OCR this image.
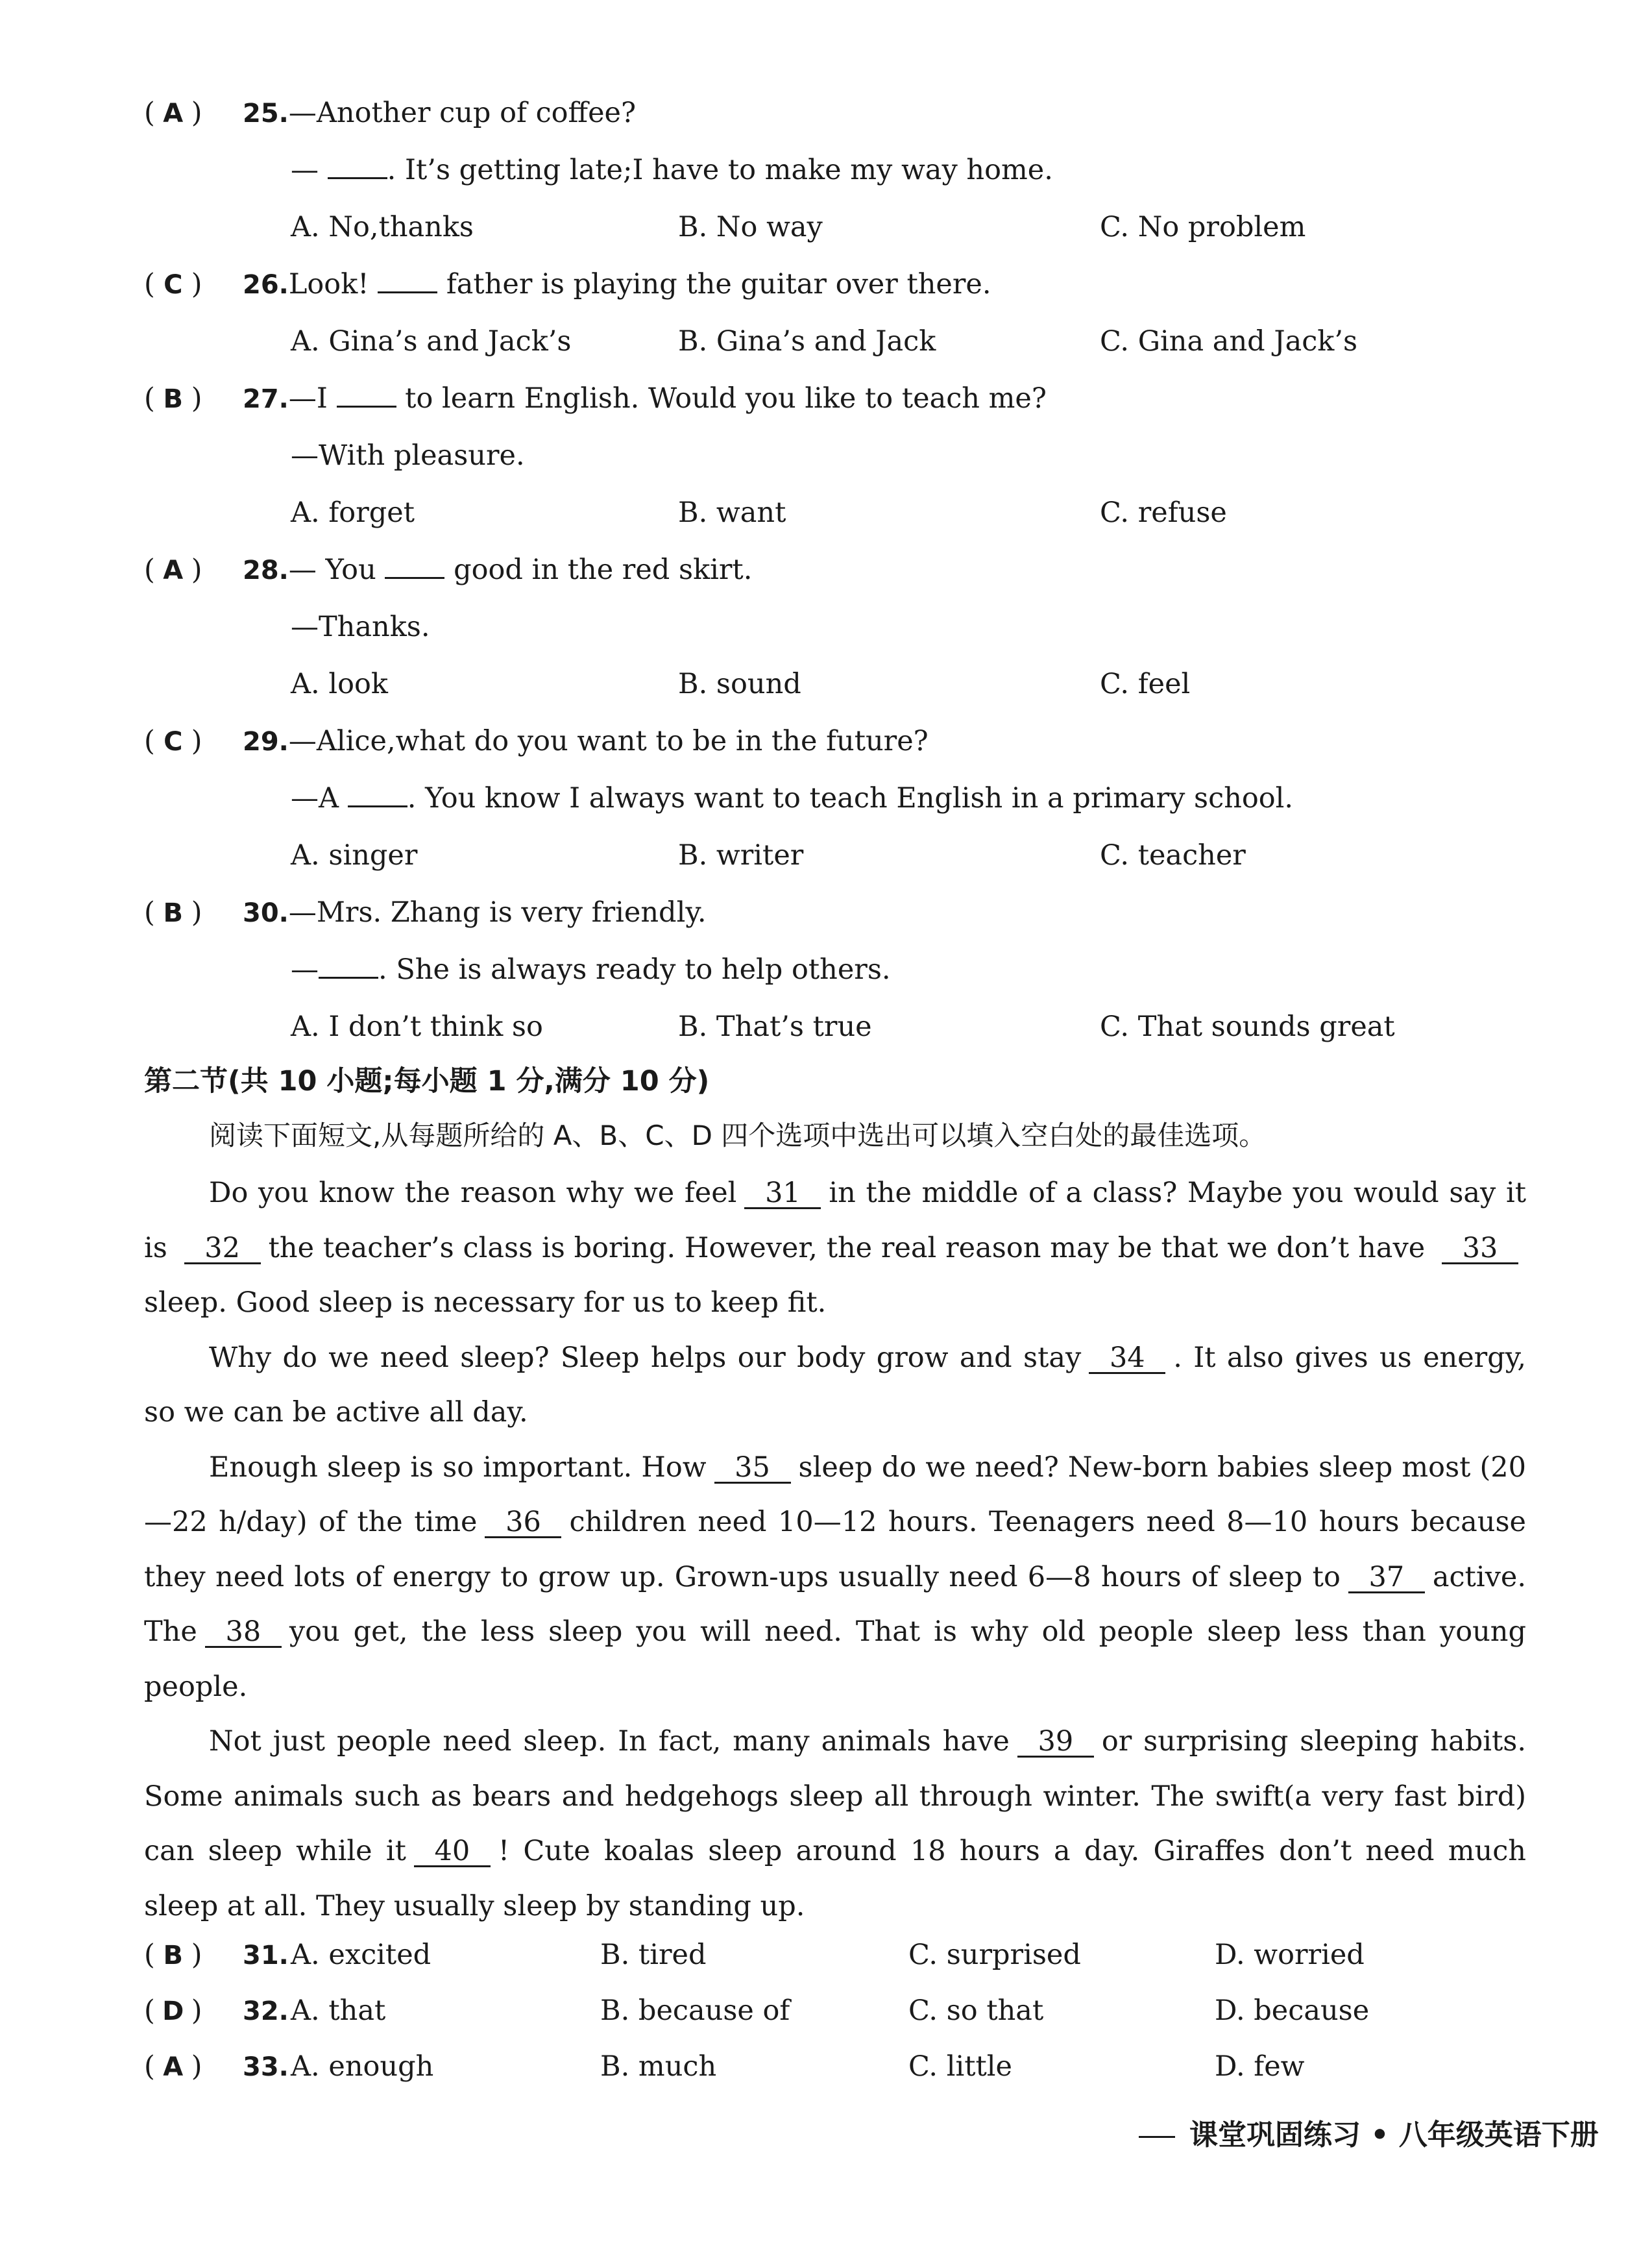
( A ) 25.—Another cup of coffee?
— . It’s getting late;I have to make my way home.
A. No,thanks	B. No way	C. No problem
( C ) 26.Look!  father is playing the guitar over there.
A. Gina’s and Jack’s	B. Gina’s and Jack	C. Gina and Jack’s
( B ) 27.—I  to learn English. Would you like to teach me?
—With pleasure.
A. forget	B. want	C. refuse
( A ) 28.— You  good in the red skirt.
—Thanks.
A. look	B. sound	C. feel
( C ) 29.—Alice,what do you want to be in the future?
—A . You know I always want to teach English in a primary school.
A. singer	B. writer	C. teacher
( B ) 30.—Mrs. Zhang is very friendly.
— . She is always ready to help others.
A. I don’t think so	B. That’s true	C. That sounds great
第二节(共 10 小题;每小题 1 分,满分 10 分)
阅读下面短文,从每题所给的 A、B、C、D 四个选项中选出可以填入空白处的最佳选项。

Do you know the reason why we feel 31 in the middle of a class? Maybe you would say it is 32 the teacher’s class is boring. However, the real reason may be that we don’t have 33sleep. Good sleep is necessary for us to keep fit.

Why do we need sleep? Sleep helps our body grow and stay 34 . It also gives us energy, so we can be active all day.

Enough sleep is so important. How 35 sleep do we need? New-born babies sleep most (20—22 h/day) of the time 36 children need 10—12 hours. Teenagers need 8—10 hours because they need lots of energy to grow up. Grown-ups usually need 6—8 hours of sleep to 37 active. The 38 you get, the less sleep you will need. That is why old people sleep less than young people.

Not just people need sleep. In fact, many animals have 39 or surprising sleeping habits. Some animals such as bears and hedgehogs sleep all through winter. The swift(a very fast bird) can sleep while it 40 ! Cute koalas sleep around 18 hours a day. Giraffes don’t need much sleep at all. They usually sleep by standing up.

( B ) 31. A. excited	B. tired	C. surprised	D. worried
( D ) 32. A. that	B. because of	C. so that	D. because
( A ) 33. A. enough	B. much	C. little	D. few
课堂巩固练习 • 八年级英语下册
